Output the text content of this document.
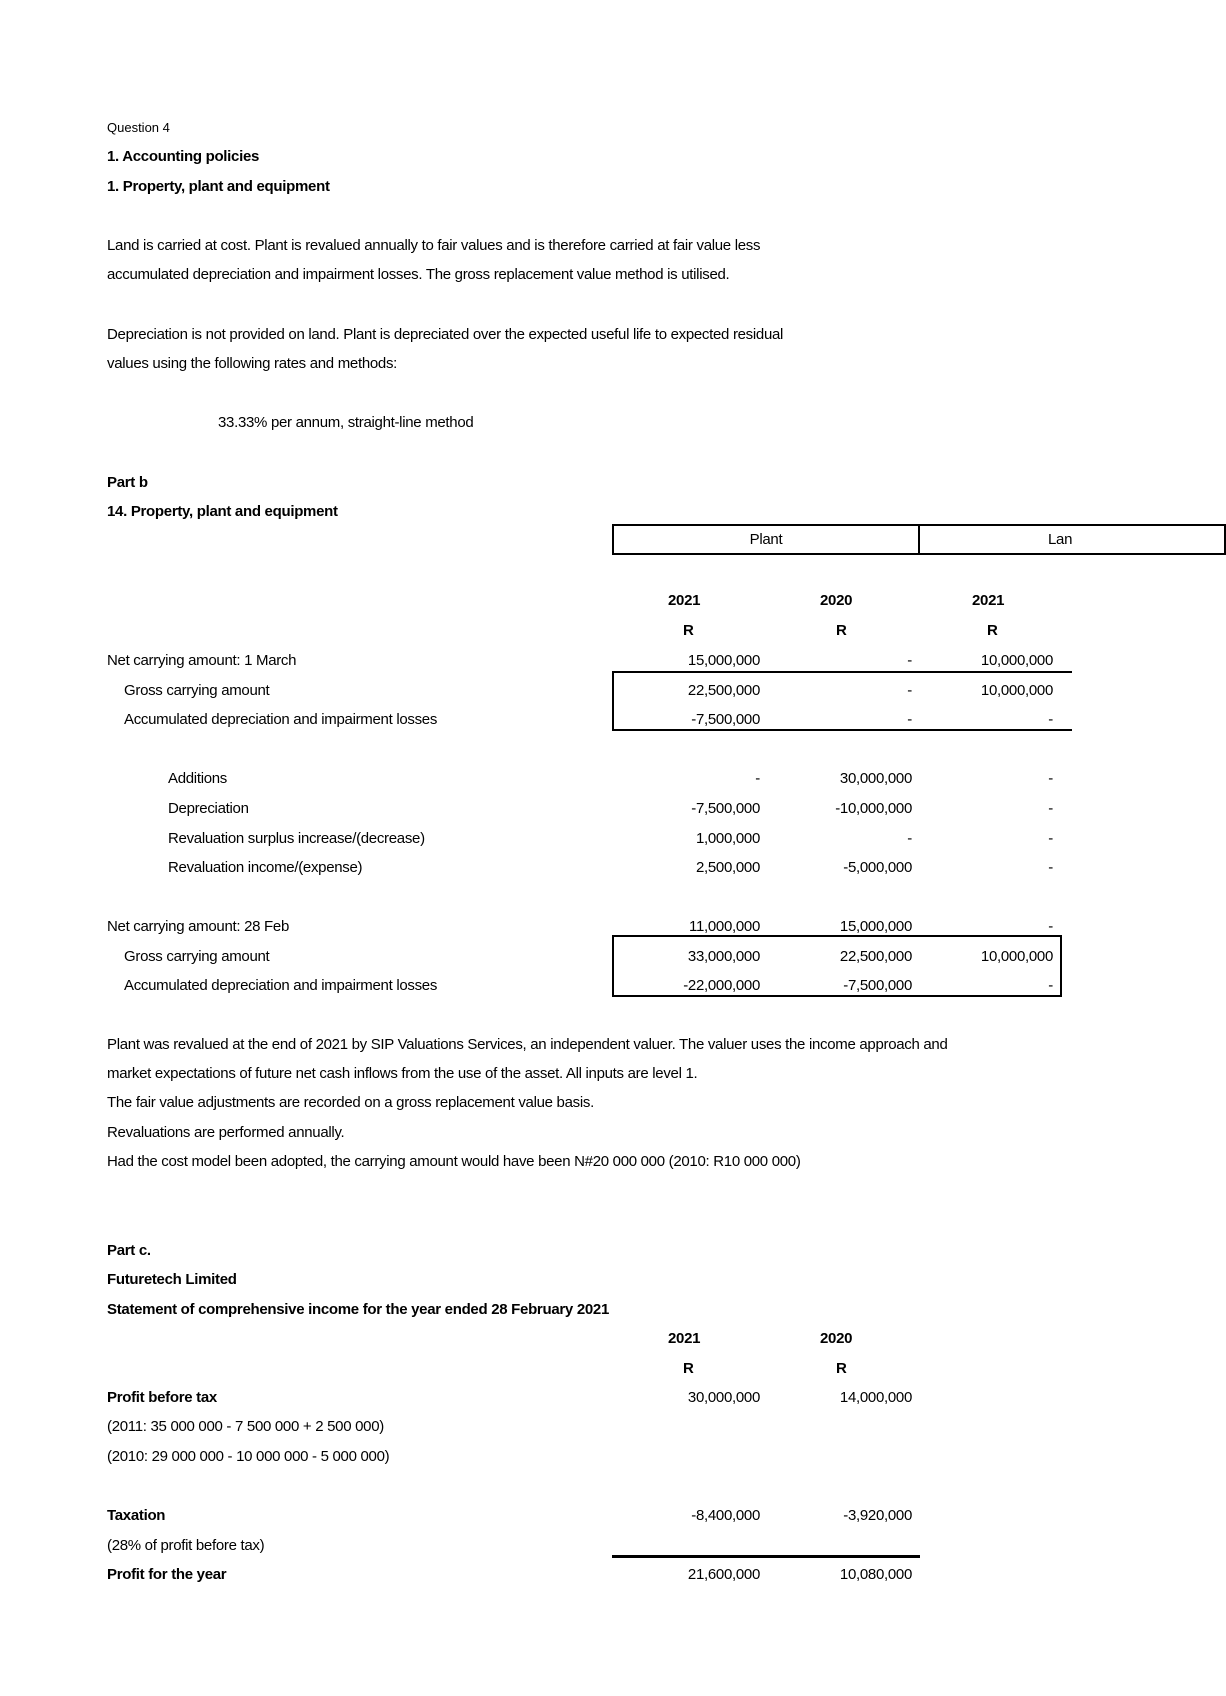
Question 4
1. Accounting policies
1. Property, plant and equipment
Land is carried at cost. Plant is revalued annually to fair values and is therefore carried at fair value less
accumulated depreciation and impairment losses. The gross replacement value method is utilised.
Depreciation is not provided on land. Plant is depreciated over the expected useful life to expected residual
values using the following rates and methods:
33.33% per annum, straight-line method
Part b
14. Property, plant and equipment
Plant	Lan
2021	2020	2021
R	R	R
Net carrying amount: 1 March	15,000,000	-	10,000,000
Gross carrying amount	22,500,000	-	10,000,000
Accumulated depreciation and impairment losses	-7,500,000	-	-
Additions	-	30,000,000	-
Depreciation	-7,500,000	-10,000,000	-
Revaluation surplus increase/(decrease)	1,000,000	-	-
Revaluation income/(expense)	2,500,000	-5,000,000	-
Net carrying amount: 28 Feb	11,000,000	15,000,000	-
Gross carrying amount	33,000,000	22,500,000	10,000,000
Accumulated depreciation and impairment losses	-22,000,000	-7,500,000	-
Plant was revalued at the end of 2021 by SIP Valuations Services, an independent valuer. The valuer uses the income approach and
market expectations of future net cash inflows from the use of the asset. All inputs are level 1.
The fair value adjustments are recorded on a gross replacement value basis.
Revaluations are performed annually.
Had the cost model been adopted, the carrying amount would have been N#20 000 000 (2010: R10 000 000)
Part c.
Futuretech Limited
Statement of comprehensive income for the year ended 28 February 2021
2021	2020
R	R
Profit before tax	30,000,000	14,000,000
(2011: 35 000 000 - 7 500 000 + 2 500 000)
(2010: 29 000 000 - 10 000 000 - 5 000 000)
Taxation	-8,400,000	-3,920,000
(28% of profit before tax)
Profit for the year	21,600,000	10,080,000
